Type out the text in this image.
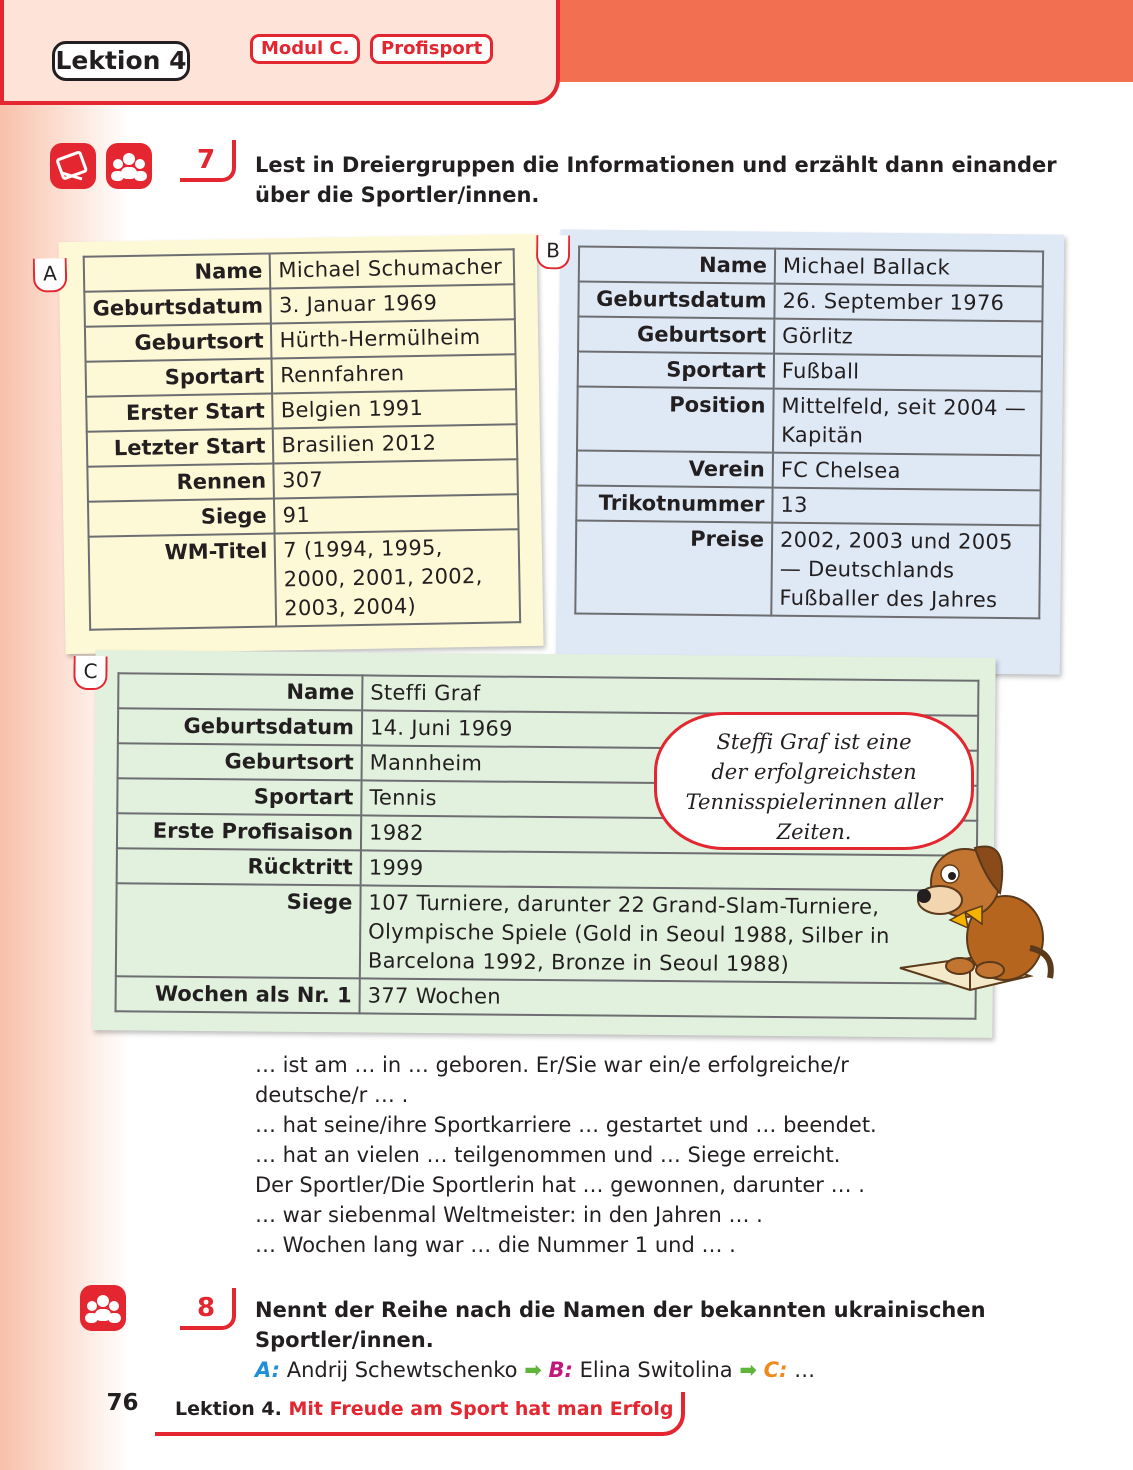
Lektion 4	Modul C.	Profisport
7	Lest in Dreiergruppen die Informationen und erzählt dann einander
über die Sportler/innen.
A	Name	Michael Schumacher
Geburtsdatum	3. Januar 1969
Geburtsort	Hürth-Hermülheim
Sportart	Rennfahren
Erster Start	Belgien 1991
Letzter Start	Brasilien 2012
Rennen	307
Siege	91
WM-Titel	7 (1994, 1995, 2000, 2001, 2002, 2003, 2004)
B
Name	Michael Ballack
Geburtsdatum	26. September 1976
Geburtsort	Görlitz
Sportart	Fußball
Position	Mittelfeld, seit 2004 — Kapitän
Verein	FC Chelsea
Trikotnummer	13
Preise	2002, 2003 und 2005 — Deutschlands Fußballer des Jahres
C
Name	Steffi Graf
Geburtsdatum	14. Juni 1969
Geburtsort	Mannheim
Sportart	Tennis
Erste Profisaison	1982
Rücktritt	1999
Siege	107 Turniere, darunter 22 Grand-Slam-Turniere, Olympische Spiele (Gold in Seoul 1988, Silber in Barcelona 1992, Bronze in Seoul 1988)
Wochen als Nr. 1	377 Wochen
Steffi Graf ist eine
der erfolgreichsten
Tennisspielerinnen aller
Zeiten.
… ist am … in … geboren. Er/Sie war ein/e erfolgreiche/r
deutsche/r … .
… hat seine/ihre Sportkarriere … gestartet und … beendet.
… hat an vielen … teilgenommen und … Siege erreicht.
Der Sportler/Die Sportlerin hat … gewonnen, darunter … .
… war siebenmal Weltmeister: in den Jahren … .
… Wochen lang war … die Nummer 1 und … .
8	Nennt der Reihe nach die Namen der bekannten ukrainischen
Sportler/innen.
A: Andrij Schewtschenko ➡ B: Elina Switolina ➡ C: …
76	Lektion 4. Mit Freude am Sport hat man Erfolg
